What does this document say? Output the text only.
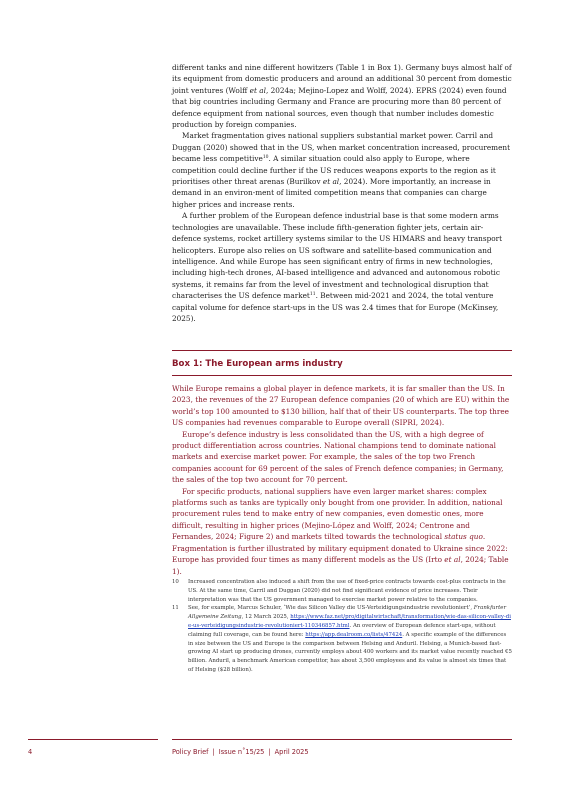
different tanks and nine different howitzers (Table 1 in Box 1). Germany buys almost half of its equipment from domestic producers and around an additional 30 percent from domestic joint ventures (Wolff et al, 2024a; Mejino-Lopez and Wolff, 2024). EPRS (2024) even found that big countries including Germany and France are procuring more than 80 percent of defence equipment from national sources, even though that number includes domestic production by foreign companies.

Market fragmentation gives national suppliers substantial market power. Carril and Duggan (2020) showed that in the US, when market concentration increased, procurement became less competitive$^{10}$. A similar situation could also apply to Europe, where competition could decline further if the US reduces weapons exports to the region as it prioritises other threat arenas (Burilkov et al, 2024). More importantly, an increase in demand in an environ-ment of limited competition means that companies can charge higher prices and increase rents.

A further problem of the European defence industrial base is that some modern arms technologies are unavailable. These include fifth-generation fighter jets, certain air-defence systems, rocket artillery systems similar to the US HIMARS and heavy transport helicopters. Europe also relies on US software and satellite-based communication and intelligence. And while Europe has seen significant entry of firms in new technologies, including high-tech drones, AI-based intelligence and advanced and autonomous robotic systems, it remains far from the level of investment and technological disruption that characterises the US defence market$^{11}$. Between mid-2021 and 2024, the total venture capital volume for defence start-ups in the US was 2.4 times that for Europe (McKinsey, 2025).

Box 1: The European arms industry

While Europe remains a global player in defence markets, it is far smaller than the US. In 2023, the revenues of the 27 European defence companies (20 of which are EU) within the world’s top 100 amounted to $130 billion, half that of their US counterparts. The top three US companies had revenues comparable to Europe overall (SIPRI, 2024).

Europe’s defence industry is less consolidated than the US, with a high degree of product differentiation across countries. National champions tend to dominate national markets and exercise market power. For example, the sales of the top two French companies account for 69 percent of the sales of French defence companies; in Germany, the sales of the top two account for 70 percent.

For specific products, national suppliers have even larger market shares: complex platforms such as tanks are typically only bought from one provider. In addition, national procurement rules tend to make entry of new companies, even domestic ones, more difficult, resulting in higher prices (Mejino-López and Wolff, 2024; Centrone and Fernandes, 2024; Figure 2) and markets tilted towards the technological status quo. Fragmentation is further illustrated by military equipment donated to Ukraine since 2022: Europe has provided four times as many different models as the US (Irto et al, 2024; Table 1).

10	Increased concentration also induced a shift from the use of fixed-price contracts towards cost-plus contracts in the US. At the same time, Carril and Duggan (2020) did not find significant evidence of price increases. Their interpretation was that the US government managed to exercise market power relative to the companies.
11	See, for example, Marcus Schuler, ‘Wie das Silicon Valley die US-Verteidigungsindustrie revolutioniert’, Frankfurter Allgemeine Zeitung, 12 March 2025, https://www.faz.net/pro/digitalwirtschaft/transformation/wie-das-silicon-valley-die-us-verteidigungsindustrie-revolutioniert-110346857.html. An overview of European defence start-ups, without claiming full coverage, can be found here: https://app.dealroom.co/lists/47424. A specific example of the differences in size between the US and Europe is the comparison between Helsing and Anduril. Helsing, a Munich-based fast-growing AI start up producing drones, currently employs about 400 workers and its market value recently reached €5 billion. Anduril, a benchmark American competitor, has about 3,500 employees and its value is almost six times that of Helsing ($28 billion).
4	Policy Brief | Issue n˚15/25 | April 2025
